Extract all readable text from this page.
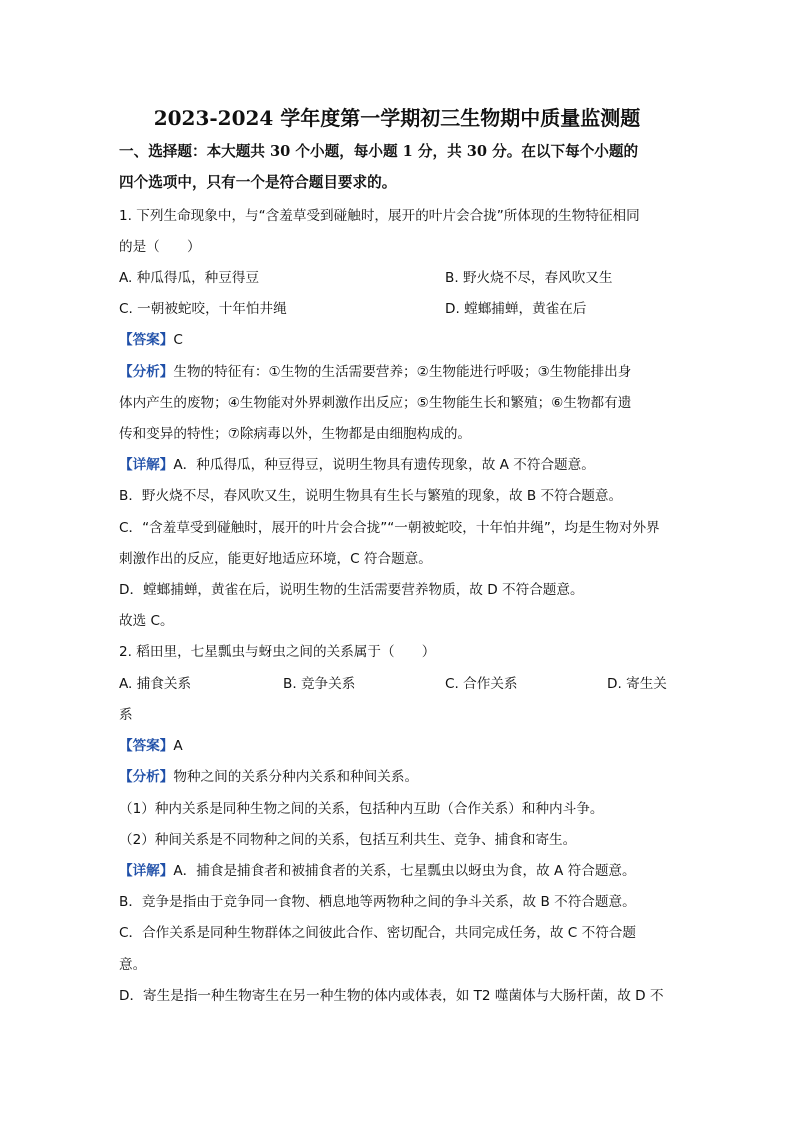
2023-2024 学年度第一学期初三生物期中质量监测题
一、选择题：本大题共 30 个小题，每小题 1 分，共 30 分。在以下每个小题的
四个选项中，只有一个是符合题目要求的。
1. 下列生命现象中，与“含羞草受到碰触时，展开的叶片会合拢”所体现的生物特征相同
的是（　　）
A. 种瓜得瓜，种豆得豆	B. 野火烧不尽，春风吹又生
C. 一朝被蛇咬，十年怕井绳	D. 螳螂捕蝉，黄雀在后
【答案】C
【分析】生物的特征有：①生物的生活需要营养；②生物能进行呼吸；③生物能排出身
体内产生的废物；④生物能对外界刺激作出反应；⑤生物能生长和繁殖；⑥生物都有遗
传和变异的特性；⑦除病毒以外，生物都是由细胞构成的。
【详解】A．种瓜得瓜，种豆得豆，说明生物具有遗传现象，故 A 不符合题意。
B．野火烧不尽，春风吹又生，说明生物具有生长与繁殖的现象，故 B 不符合题意。
C．“含羞草受到碰触时，展开的叶片会合拢”“一朝被蛇咬，十年怕井绳”，均是生物对外界
刺激作出的反应，能更好地适应环境，C 符合题意。
D．螳螂捕蝉，黄雀在后，说明生物的生活需要营养物质，故 D 不符合题意。
故选 C。
2. 稻田里，七星瓢虫与蚜虫之间的关系属于（　　）
A. 捕食关系	B. 竞争关系	C. 合作关系	D. 寄生关
系
【答案】A
【分析】物种之间的关系分种内关系和种间关系。
（1）种内关系是同种生物之间的关系，包括种内互助（合作关系）和种内斗争。
（2）种间关系是不同物种之间的关系，包括互利共生、竞争、捕食和寄生。
【详解】A．捕食是捕食者和被捕食者的关系，七星瓢虫以蚜虫为食，故 A 符合题意。
B．竞争是指由于竞争同一食物、栖息地等两物种之间的争斗关系，故 B 不符合题意。
C．合作关系是同种生物群体之间彼此合作、密切配合，共同完成任务，故 C 不符合题
意。
D．寄生是指一种生物寄生在另一种生物的体内或体表，如 T2 噬菌体与大肠杆菌，故 D 不
